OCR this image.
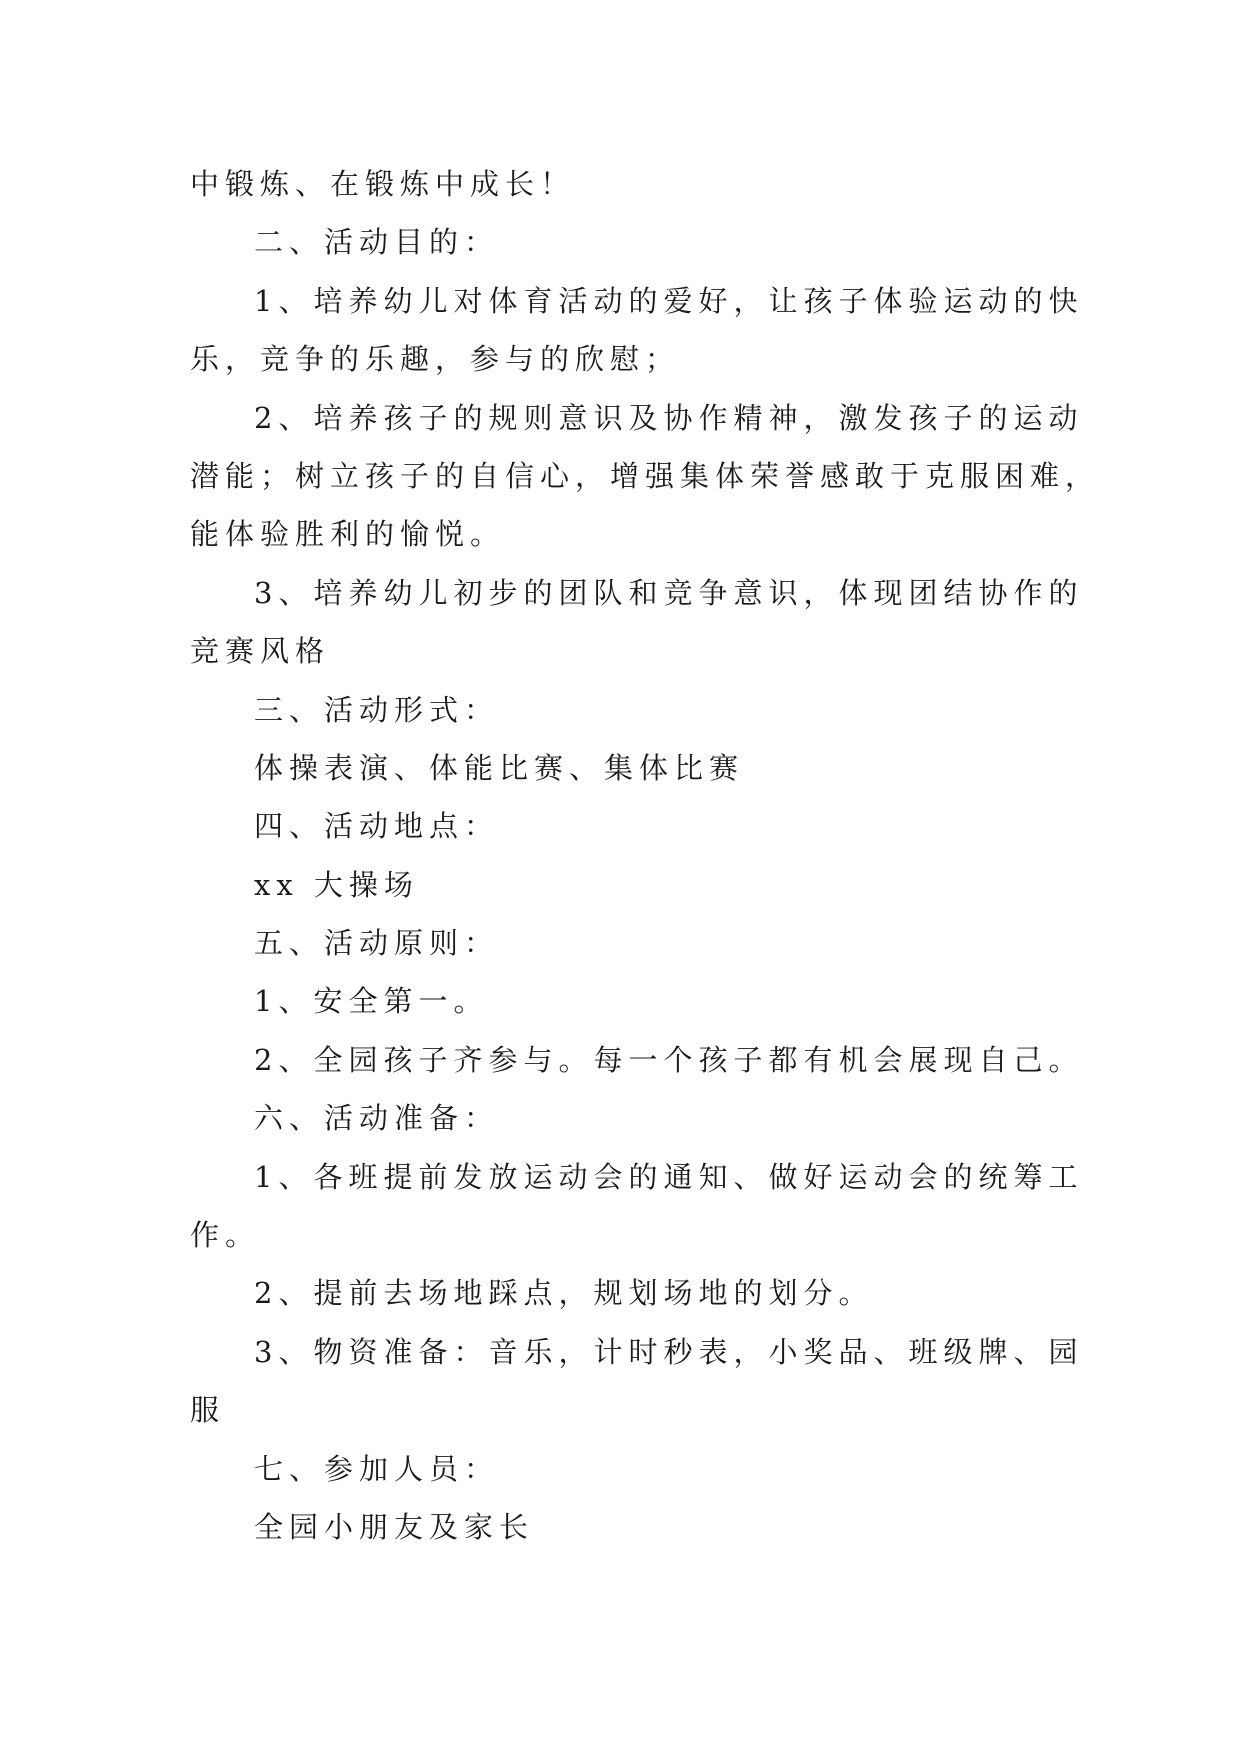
中锻炼、在锻炼中成长！
二、活动目的：
1、培养幼儿对体育活动的爱好，让孩子体验运动的快
乐，竞争的乐趣，参与的欣慰；
2、培养孩子的规则意识及协作精神，激发孩子的运动
潜能；树立孩子的自信心，增强集体荣誉感敢于克服困难，
能体验胜利的愉悦。
3、培养幼儿初步的团队和竞争意识，体现团结协作的
竞赛风格
三、活动形式：
体操表演、体能比赛、集体比赛
四、活动地点：
xx 大操场
五、活动原则：
1、安全第一。
2、全园孩子齐参与。每一个孩子都有机会展现自己。
六、活动准备：
1、各班提前发放运动会的通知、做好运动会的统筹工
作。
2、提前去场地踩点，规划场地的划分。
3、物资准备：音乐，计时秒表，小奖品、班级牌、园
服
七、参加人员：
全园小朋友及家长
